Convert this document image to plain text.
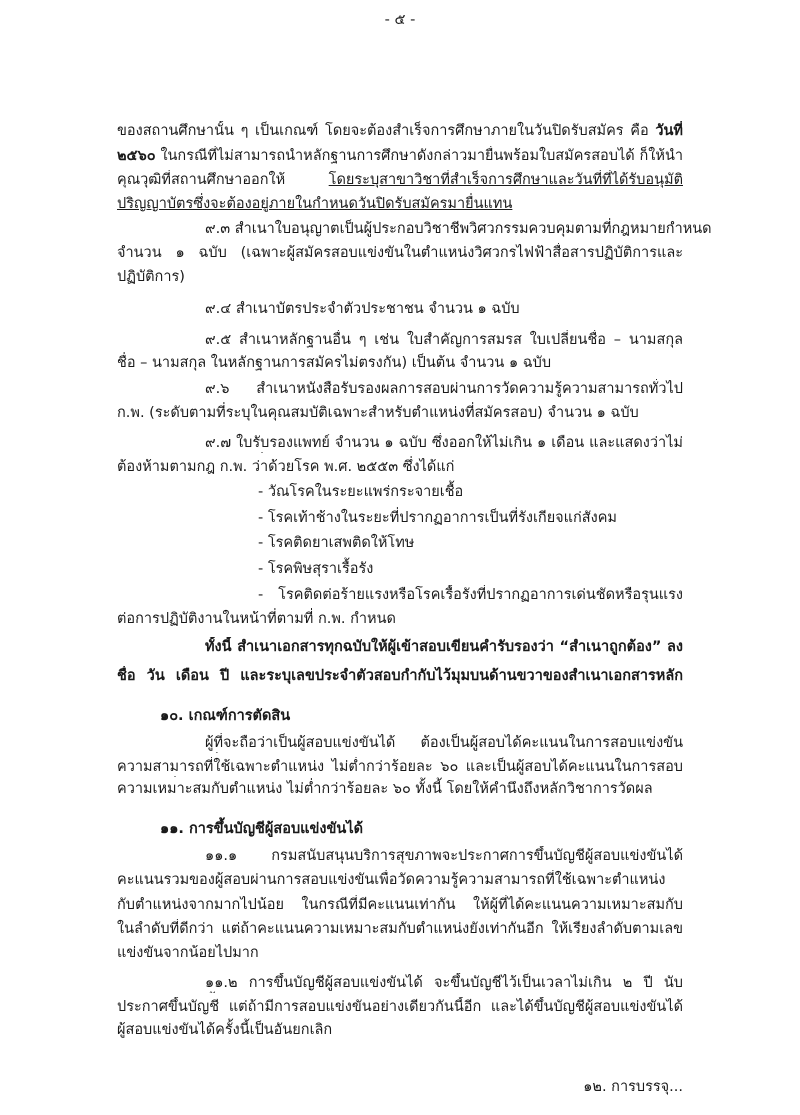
- ๕ -
ของสถานศึกษานั้น ๆ เป็นเกณฑ์ โดยจะต้องสำเร็จการศึกษาภายในวันปิดรับสมัคร คือ วันที่
๒๕๖๐ ในกรณีที่ไม่สามารถนำหลักฐานการศึกษาดังกล่าวมายื่นพร้อมใบสมัครสอบได้ ก็ให้นำ
คุณวุฒิที่สถานศึกษาออกให้ โดยระบุสาขาวิชาที่สำเร็จการศึกษาและวันที่ที่ได้รับอนุมัติ
ปริญญาบัตรซึ่งจะต้องอยู่ภายในกำหนดวันปิดรับสมัครมายื่นแทน
๙.๓ สำเนาใบอนุญาตเป็นผู้ประกอบวิชาชีพวิศวกรรมควบคุมตามที่กฎหมายกำหนด
จำนวน ๑ ฉบับ (เฉพาะผู้สมัครสอบแข่งขันในตำแหน่งวิศวกรไฟฟ้าสื่อสารปฏิบัติการและ
ปฏิบัติการ)
๙.๔ สำเนาบัตรประจำตัวประชาชน จำนวน ๑ ฉบับ
๙.๕ สำเนาหลักฐานอื่น ๆ เช่น ใบสำคัญการสมรส ใบเปลี่ยนชื่อ – นามสกุล
ชื่อ – นามสกุล ในหลักฐานการสมัครไม่ตรงกัน) เป็นต้น จำนวน ๑ ฉบับ
๙.๖ สำเนาหนังสือรับรองผลการสอบผ่านการวัดความรู้ความสามารถทั่วไป
ก.พ. (ระดับตามที่ระบุในคุณสมบัติเฉพาะสำหรับตำแหน่งที่สมัครสอบ) จำนวน ๑ ฉบับ
๙.๗ ใบรับรองแพทย์ จำนวน ๑ ฉบับ ซึ่งออกให้ไม่เกิน ๑ เดือน และแสดงว่าไม่
ต้องห้ามตามกฎ ก.พ. ว่าด้วยโรค พ.ศ. ๒๕๕๓ ซึ่งได้แก่
- วัณโรคในระยะแพร่กระจายเชื้อ
- โรคเท้าช้างในระยะที่ปรากฏอาการเป็นที่รังเกียจแก่สังคม
- โรคติดยาเสพติดให้โทษ
- โรคพิษสุราเรื้อรัง
- โรคติดต่อร้ายแรงหรือโรคเรื้อรังที่ปรากฏอาการเด่นชัดหรือรุนแรง
ต่อการปฏิบัติงานในหน้าที่ตามที่ ก.พ. กำหนด
ทั้งนี้ สำเนาเอกสารทุกฉบับให้ผู้เข้าสอบเขียนคำรับรองว่า “สำเนาถูกต้อง” ลง
ชื่อ วัน เดือน ปี และระบุเลขประจำตัวสอบกำกับไว้มุมบนด้านขวาของสำเนาเอกสารหลัก
๑๐. เกณฑ์การตัดสิน
ผู้ที่จะถือว่าเป็นผู้สอบแข่งขันได้ ต้องเป็นผู้สอบได้คะแนนในการสอบแข่งขัน
ความสามารถที่ใช้เฉพาะตำแหน่ง ไม่ต่ำกว่าร้อยละ ๖๐ และเป็นผู้สอบได้คะแนนในการสอบ
ความเหมาะสมกับตำแหน่ง ไม่ต่ำกว่าร้อยละ ๖๐ ทั้งนี้ โดยให้คำนึงถึงหลักวิชาการวัดผล
๑๑. การขึ้นบัญชีผู้สอบแข่งขันได้
๑๑.๑ กรมสนับสนุนบริการสุขภาพจะประกาศการขึ้นบัญชีผู้สอบแข่งขันได้
คะแนนรวมของผู้สอบผ่านการสอบแข่งขันเพื่อวัดความรู้ความสามารถที่ใช้เฉพาะตำแหน่ง
กับตำแหน่งจากมากไปน้อย ในกรณีที่มีคะแนนเท่ากัน ให้ผู้ที่ได้คะแนนความเหมาะสมกับ
ในลำดับที่ดีกว่า แต่ถ้าคะแนนความเหมาะสมกับตำแหน่งยังเท่ากันอีก ให้เรียงลำดับตามเลข
แข่งขันจากน้อยไปมาก
๑๑.๒ การขึ้นบัญชีผู้สอบแข่งขันได้ จะขึ้นบัญชีไว้เป็นเวลาไม่เกิน ๒ ปี นับ
ประกาศขึ้นบัญชี แต่ถ้ามีการสอบแข่งขันอย่างเดียวกันนี้อีก และได้ขึ้นบัญชีผู้สอบแข่งขันได้
ผู้สอบแข่งขันได้ครั้งนี้เป็นอันยกเลิก
๑๒. การบรรจุ...
